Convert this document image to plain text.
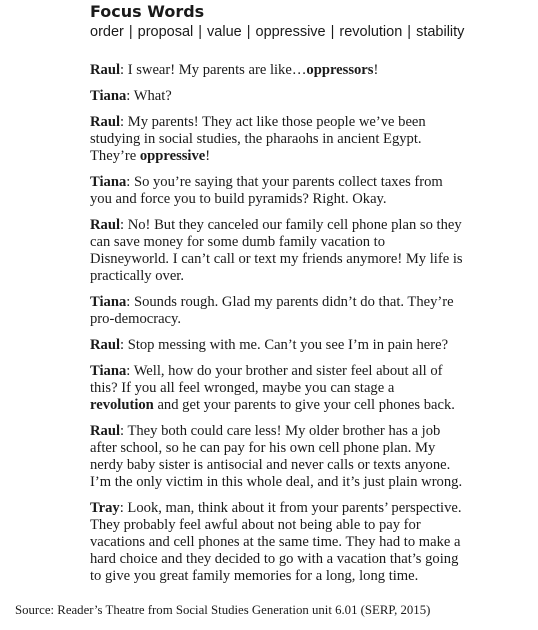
Focus Words
order | proposal | value | oppressive | revolution | stability
Raul: I swear! My parents are like…oppressors!
Tiana: What?
Raul: My parents! They act like those people we’ve been
studying in social studies, the pharaohs in ancient Egypt.
They’re oppressive!
Tiana: So you’re saying that your parents collect taxes from
you and force you to build pyramids? Right. Okay.
Raul: No! But they canceled our family cell phone plan so they
can save money for some dumb family vacation to
Disneyworld. I can’t call or text my friends anymore! My life is
practically over.
Tiana: Sounds rough. Glad my parents didn’t do that. They’re
pro-democracy.
Raul: Stop messing with me. Can’t you see I’m in pain here?
Tiana: Well, how do your brother and sister feel about all of
this? If you all feel wronged, maybe you can stage a
revolution and get your parents to give your cell phones back.
Raul: They both could care less! My older brother has a job
after school, so he can pay for his own cell phone plan. My
nerdy baby sister is antisocial and never calls or texts anyone.
I’m the only victim in this whole deal, and it’s just plain wrong.
Tray: Look, man, think about it from your parents’ perspective.
They probably feel awful about not being able to pay for
vacations and cell phones at the same time. They had to make a
hard choice and they decided to go with a vacation that’s going
to give you great family memories for a long, long time.
Source: Reader’s Theatre from Social Studies Generation unit 6.01 (SERP, 2015)
